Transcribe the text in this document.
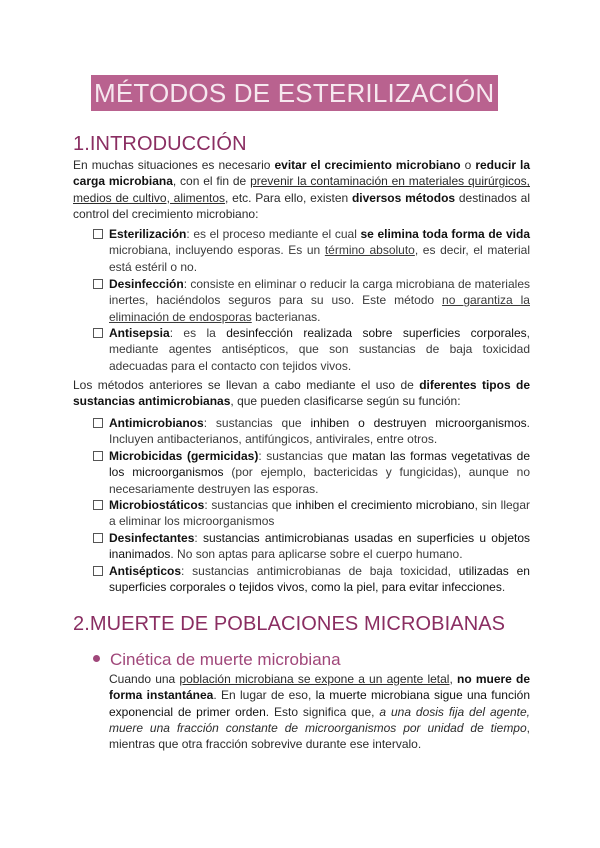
MÉTODOS DE ESTERILIZACIÓN
1.INTRODUCCIÓN
En muchas situaciones es necesario evitar el crecimiento microbiano o reducir la carga microbiana, con el fin de prevenir la contaminación en materiales quirúrgicos, medios de cultivo, alimentos, etc. Para ello, existen diversos métodos destinados al control del crecimiento microbiano:
Esterilización: es el proceso mediante el cual se elimina toda forma de vida microbiana, incluyendo esporas. Es un término absoluto, es decir, el material está estéril o no.
Desinfección: consiste en eliminar o reducir la carga microbiana de materiales inertes, haciéndolos seguros para su uso. Este método no garantiza la eliminación de endosporas bacterianas.
Antisepsia: es la desinfección realizada sobre superficies corporales, mediante agentes antisépticos, que son sustancias de baja toxicidad adecuadas para el contacto con tejidos vivos.
Los métodos anteriores se llevan a cabo mediante el uso de diferentes tipos de sustancias antimicrobianas, que pueden clasificarse según su función:
Antimicrobianos: sustancias que inhiben o destruyen microorganismos. Incluyen antibacterianos, antifúngicos, antivirales, entre otros.
Microbicidas (germicidas): sustancias que matan las formas vegetativas de los microorganismos (por ejemplo, bactericidas y fungicidas), aunque no necesariamente destruyen las esporas.
Microbiostáticos: sustancias que inhiben el crecimiento microbiano, sin llegar a eliminar los microorganismos
Desinfectantes: sustancias antimicrobianas usadas en superficies u objetos inanimados. No son aptas para aplicarse sobre el cuerpo humano.
Antisépticos: sustancias antimicrobianas de baja toxicidad, utilizadas en superficies corporales o tejidos vivos, como la piel, para evitar infecciones.
2.MUERTE DE POBLACIONES MICROBIANAS
Cinética de muerte microbiana
Cuando una población microbiana se expone a un agente letal, no muere de forma instantánea. En lugar de eso, la muerte microbiana sigue una función exponencial de primer orden. Esto significa que, a una dosis fija del agente, muere una fracción constante de microorganismos por unidad de tiempo, mientras que otra fracción sobrevive durante ese intervalo.
